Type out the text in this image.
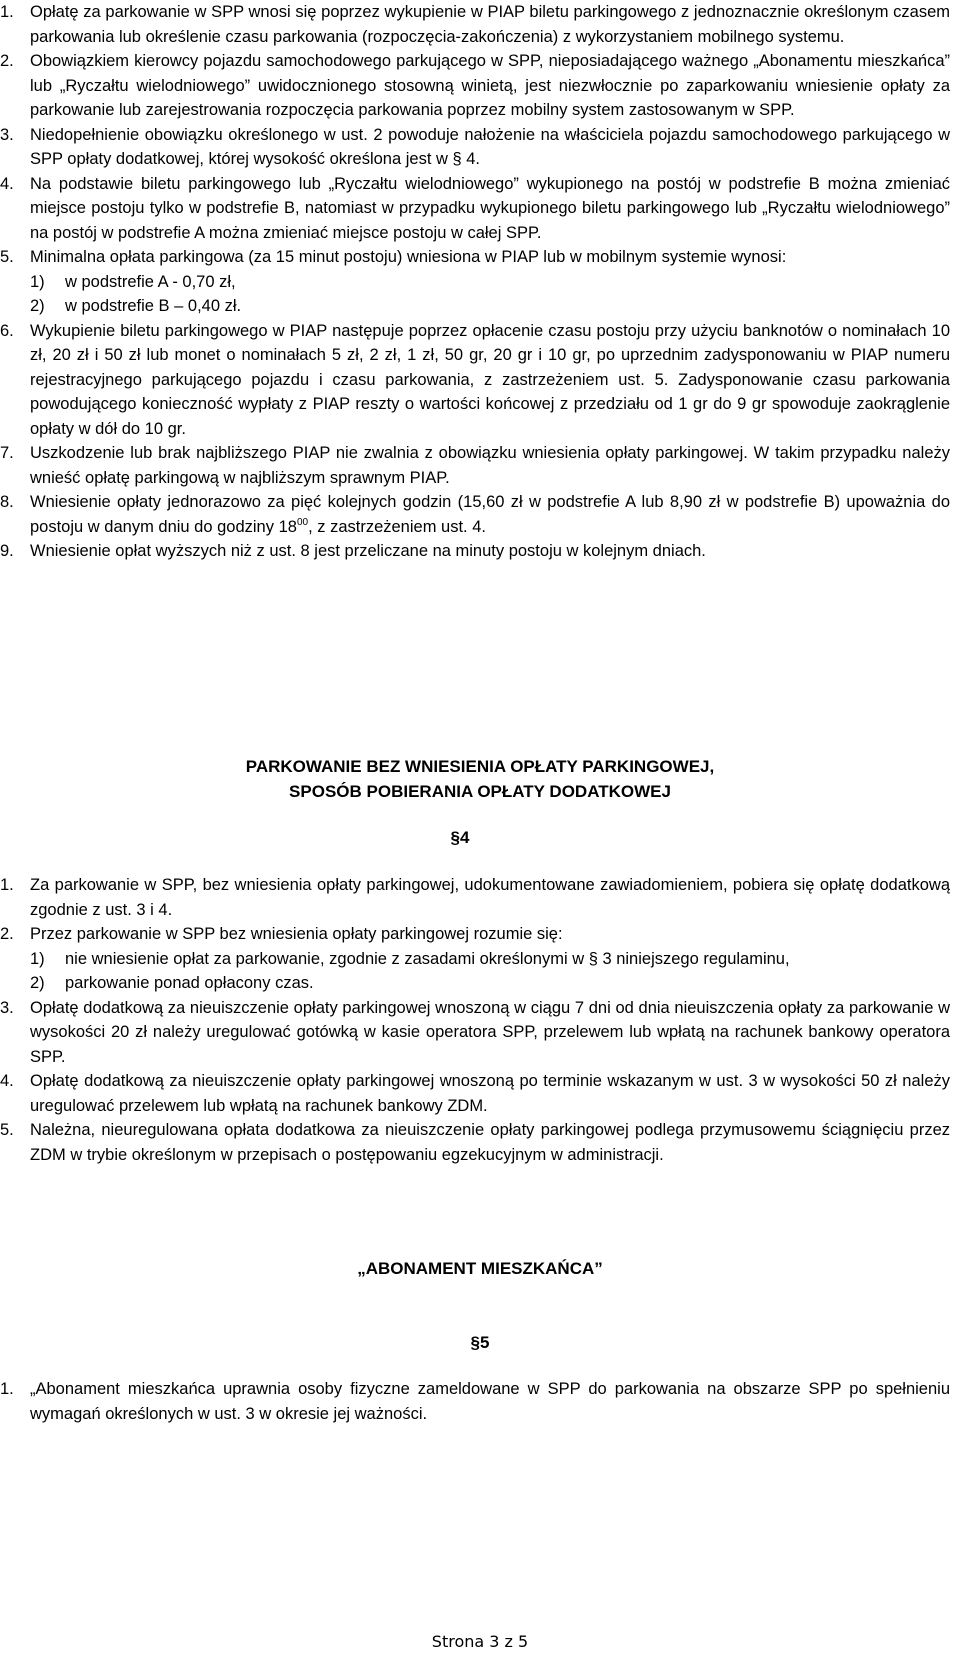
1. Opłatę za parkowanie w SPP wnosi się poprzez wykupienie w PIAP biletu parkingowego z jednoznacznie określonym czasem parkowania lub określenie czasu parkowania (rozpoczęcia-zakończenia) z wykorzystaniem mobilnego systemu.
2. Obowiązkiem kierowcy pojazdu samochodowego parkującego w SPP, nieposiadającego ważnego „Abonamentu mieszkańca” lub „Ryczałtu wielodniowego” uwidocznionego stosowną winietą, jest niezwłocznie po zaparkowaniu wniesienie opłaty za parkowanie lub zarejestrowania rozpoczęcia parkowania poprzez mobilny system zastosowanym w SPP.
3. Niedopełnienie obowiązku określonego w ust. 2 powoduje nałożenie na właściciela pojazdu samochodowego parkującego w SPP opłaty dodatkowej, której wysokość określona jest w § 4.
4. Na podstawie biletu parkingowego lub „Ryczałtu wielodniowego” wykupionego na postój w podstrefie B można zmieniać miejsce postoju tylko w podstrefie B, natomiast w przypadku wykupionego biletu parkingowego lub „Ryczałtu wielodniowego” na postój w podstrefie A można zmieniać miejsce postoju w całej SPP.
5. Minimalna opłata parkingowa (za 15 minut postoju) wniesiona w PIAP lub w mobilnym systemie wynosi:
1) w podstrefie A - 0,70 zł,
2) w podstrefie B – 0,40 zł.
6. Wykupienie biletu parkingowego w PIAP następuje poprzez opłacenie czasu postoju przy użyciu banknotów o nominałach 10 zł, 20 zł i 50 zł lub monet o nominałach 5 zł, 2 zł, 1 zł, 50 gr, 20 gr i 10 gr, po uprzednim zadysponowaniu w PIAP numeru rejestracyjnego parkującego pojazdu i czasu parkowania, z zastrzeżeniem ust. 5. Zadysponowanie czasu parkowania powodującego konieczność wypłaty z PIAP reszty o wartości końcowej z przedziału od 1 gr do 9 gr spowoduje zaokrąglenie opłaty w dół do 10 gr.
7. Uszkodzenie lub brak najbliższego PIAP nie zwalnia z obowiązku wniesienia opłaty parkingowej. W takim przypadku należy wnieść opłatę parkingową w najbliższym sprawnym PIAP.
8. Wniesienie opłaty jednorazowo za pięć kolejnych godzin (15,60 zł w podstrefie A lub 8,90 zł w podstrefie B) upoważnia do postoju w danym dniu do godziny $18^{00}$, z zastrzeżeniem ust. 4.
9. Wniesienie opłat wyższych niż z ust. 8 jest przeliczane na minuty postoju w kolejnym dniach.
PARKOWANIE BEZ WNIESIENIA OPŁATY PARKINGOWEJ,
SPOSÓB POBIERANIA OPŁATY DODATKOWEJ
§4
1. Za parkowanie w SPP, bez wniesienia opłaty parkingowej, udokumentowane zawiadomieniem, pobiera się opłatę dodatkową zgodnie z ust. 3 i 4.
2. Przez parkowanie w SPP bez wniesienia opłaty parkingowej rozumie się:
1) nie wniesienie opłat za parkowanie, zgodnie z zasadami określonymi w § 3 niniejszego regulaminu,
2) parkowanie ponad opłacony czas.
3. Opłatę dodatkową za nieuiszczenie opłaty parkingowej wnoszoną w ciągu 7 dni od dnia nieuiszczenia opłaty za parkowanie w wysokości 20 zł należy uregulować gotówką w kasie operatora SPP, przelewem lub wpłatą na rachunek bankowy operatora SPP.
4. Opłatę dodatkową za nieuiszczenie opłaty parkingowej wnoszoną po terminie wskazanym w ust. 3 w wysokości 50 zł należy uregulować przelewem lub wpłatą na rachunek bankowy ZDM.
5. Należna, nieuregulowana opłata dodatkowa za nieuiszczenie opłaty parkingowej podlega przymusowemu ściągnięciu przez ZDM w trybie określonym w przepisach o postępowaniu egzekucyjnym w administracji.
„ABONAMENT MIESZKAŃCA”
§5
1. „Abonament mieszkańca uprawnia osoby fizyczne zameldowane w SPP do parkowania na obszarze SPP po spełnieniu wymagań określonych w ust. 3 w okresie jej ważności.
Strona 3 z 5
